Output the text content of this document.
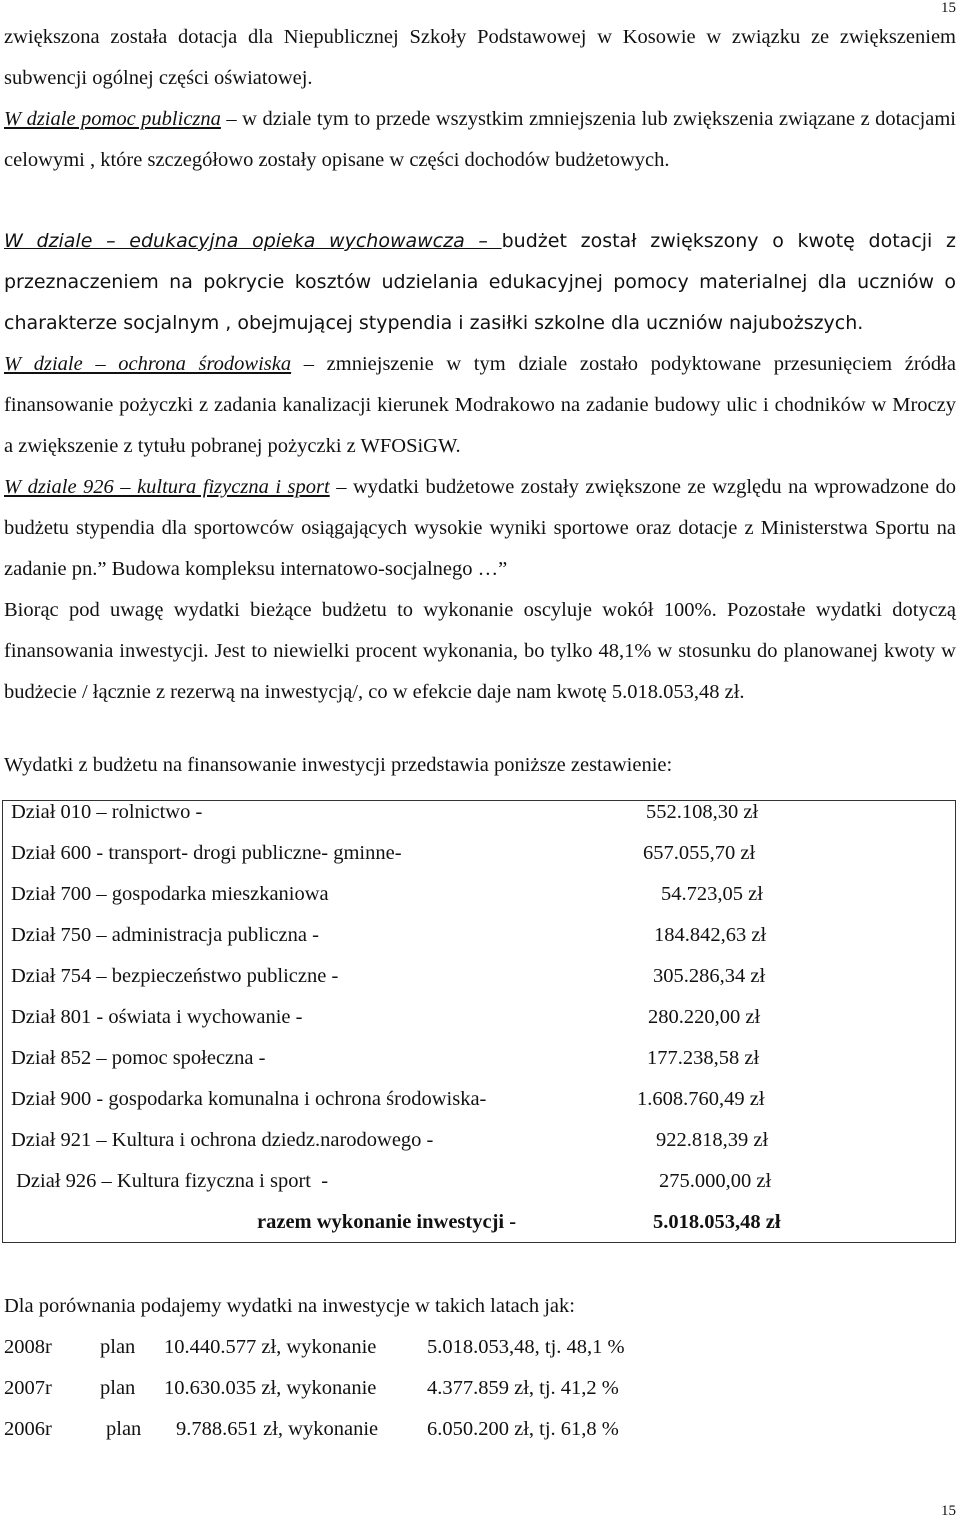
15

zwiększona została dotacja dla Niepublicznej Szkoły Podstawowej w Kosowie w związku ze zwiększeniem subwencji ogólnej części oświatowej.

W dziale pomoc publiczna – w dziale tym to przede wszystkim zmniejszenia lub zwiększenia związane z dotacjami celowymi , które szczegółowo zostały opisane w części dochodów budżetowych.

W dziale – edukacyjna opieka wychowawcza – budżet został zwiększony o kwotę dotacji z przeznaczeniem na pokrycie kosztów udzielania edukacyjnej pomocy materialnej dla uczniów o charakterze socjalnym , obejmującej stypendia i zasiłki szkolne dla uczniów najuboższych.

W dziale – ochrona środowiska – zmniejszenie w tym dziale zostało podyktowane przesunięciem źródła finansowanie pożyczki z zadania kanalizacji kierunek Modrakowo na zadanie budowy ulic i chodników w Mroczy a zwiększenie z tytułu pobranej pożyczki z WFOSiGW.

W dziale 926 – kultura fizyczna i sport – wydatki budżetowe zostały zwiększone ze względu na wprowadzone do budżetu stypendia dla sportowców osiągających wysokie wyniki sportowe oraz dotacje z Ministerstwa Sportu na zadanie pn.” Budowa kompleksu internatowo-socjalnego …”

Biorąc pod uwagę wydatki bieżące budżetu to wykonanie oscyluje wokół 100%. Pozostałe wydatki dotyczą finansowania inwestycji. Jest to niewielki procent wykonania, bo tylko 48,1% w stosunku do planowanej kwoty w budżecie / łącznie z rezerwą na inwestycją/, co w efekcie daje nam kwotę 5.018.053,48 zł.

Wydatki z budżetu na finansowanie inwestycji przedstawia poniższe zestawienie:
Dział 010 – rolnictwo -	552.108,30 zł
Dział 600 - transport- drogi publiczne- gminne-	657.055,70 zł
Dział 700 – gospodarka mieszkaniowa	54.723,05 zł
Dział 750 – administracja publiczna -	184.842,63 zł
Dział 754 – bezpieczeństwo publiczne -	305.286,34 zł
Dział 801 - oświata i wychowanie -	280.220,00 zł
Dział 852 – pomoc społeczna -	177.238,58 zł
Dział 900 - gospodarka komunalna i ochrona środowiska-	1.608.760,49 zł
Dział 921 – Kultura i ochrona dziedz.narodowego -	922.818,39 zł
Dział 926 – Kultura fizyczna i sport  -	275.000,00 zł
razem wykonanie inwestycji -	5.018.053,48 zł
Dla porównania podajemy wydatki na inwestycje w takich latach jak:
2008r plan 10.440.577 zł, wykonanie 5.018.053,48, tj. 48,1 %
2007r plan 10.630.035 zł, wykonanie 4.377.859 zł, tj. 41,2 %
2006r	plan 9.788.651 zł, wykonanie 6.050.200 zł, tj. 61,8 %
15
